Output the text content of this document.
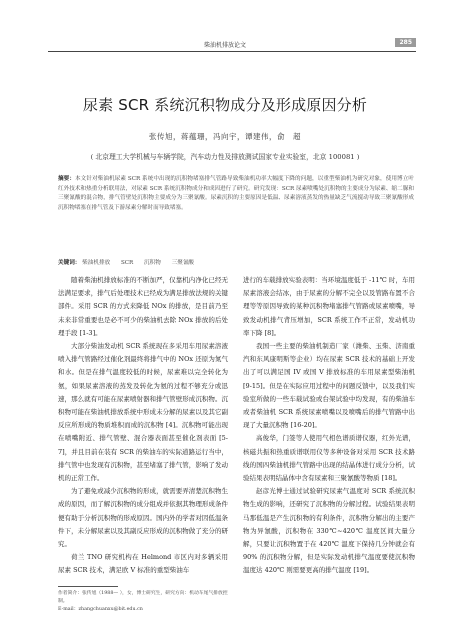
柴油机排放论文	285
尿素 SCR 系统沉积物成分及形成原因分析
张传旭，蒋蕴珊，冯向宇，谭建伟，俞　超
( 北京理工大学机械与车辆学院，汽车动力性及排放测试国家专业实验室，北京 100081 )
摘要：本文针对柴油机尿素 SCR 系统中出现的沉积物堵塞排气管路导致柴油机功率大幅度下降的问题，以重型柴油机为研究对象，使用博立叶红外技术和热重分析联用法，对尿素 SCR 系统沉积物成分和成因进行了研究。研究发现：SCR 尿素喷嘴处沉积物的主要成分为尿素、缩二脲和三聚氰酸的混合物，排气管壁处沉积物主要成分为三聚氰酸。尿素沉积的主要原因是低温、尿素溶液蒸发的热量缺乏气流搅动导致三聚氰酸形成沉积物堵塞在排气管及下游尿素分解时而导致堵塞。
关键词： 柴油机排放 SCR 沉积物 三聚氰酸

随着柴油机排放标准的不断加严，仅靠机内净化已经无法满足要求，排气后处理技术已经成为满足排放法规的关键部件。采用 SCR 的方式来降低 NOx 的排放，是目前乃至未来非常重要也是必不可少的柴油机去除 NOx 排放的后处理手段 [1-3]。

大部分柴油发动机 SCR 系统现在多采用车用尿素溶液喷入排气管路经过催化剂最终将排气中的 NOx 还原为氮气和水。但是在排气温度较低的时候，尿素难以完全转化为氨，如果尿素溶液的蒸发及转化为氨的过程不够充分或迅速，那么就有可能在尿素喷射器和排气管壁形成沉积物。沉积物可能在柴油机排放系统中形成未分解的尿素以及其它副反应所形成的物质堆积而成的沉积物 [4]。沉积物可能出现在喷嘴附近、排气管壁、混合器表面甚至催化剂表面 [5-7]，并且目前在装有 SCR 的柴油车的实际道路运行当中，排气管中也发现有沉积物，甚至堵塞了排气管，影响了发动机的正常工作。

为了避免或减少沉积物的形成，就需要弄清楚沉积物生成的原因，而了解沉积物的成分组成并依据其物理形成条件便有助于分析沉积物的形成原因。国内外的学者对因低温条件下，未分解尿素以及其副反应形成的沉积物做了充分的研究。

荷兰 TNO 研究机构在 Helmond 市区内对多辆采用尿素 SCR 技术，满足欧 V 标准的重型柴油车

进行的车载排放实验表明：当环境温度低于 -11℃ 时，车用尿素溶液会结冰，由于尿素的分解不完全以及管路布置不合理等等原因导致的某种沉积物堵塞排气管路或尿素喷嘴，导致发动机排气背压增加，SCR 系统工作不正常，发动机功率下降 [8]。

我国一些主要的柴油机制造厂家（潍柴、玉柴、济南重汽和东风康明斯等企业）均在尿素 SCR 技术的基础上开发出了可以满足国 IV 或国 V 排放标准的车用尿素型柴油机 [9-15]。但是在实际应用过程中的问题反馈中，以及我们实验室所做的一些车载试验或台架试验中均发现，有的柴油车或者柴油机 SCR 系统尿素喷嘴以及喷嘴后的排气管路中出现了大量沉积物 [16-20]。

高俊华，门签等人使用气相色谱质谱仪器，红外光谱，核磁共振和热重质谱联用仪等多种设备对采用 SCR 技术路线的国四柴油机排气管路中出现的结晶体进行成分分析，试验结果表明结晶体中含有尿素和三聚氰酸等物质 [18]。

赵彦光博士通过试验研究尿素气温度对 SCR 系统沉积物生成的影响，还研究了沉积物的分解过程。试验结果表明马那低温是产生沉积物的有利条件，沉积物分解出的主要产物为异氰酸，沉积物在 330℃~420℃ 温度区间大量分解，只要让沉积物置于在 420℃ 温度下保持几分钟就会有 90% 的沉积物分解，但是实际发动机排气温度要使沉积物温度达 420℃ 则需要更高的排气温度 [19]。

作者简介：张传旭（1988— ），女，博士研究生，研究方向：机动车尾气排放控制。
E-mail：zhangchuanxu@bit.edu.cn
